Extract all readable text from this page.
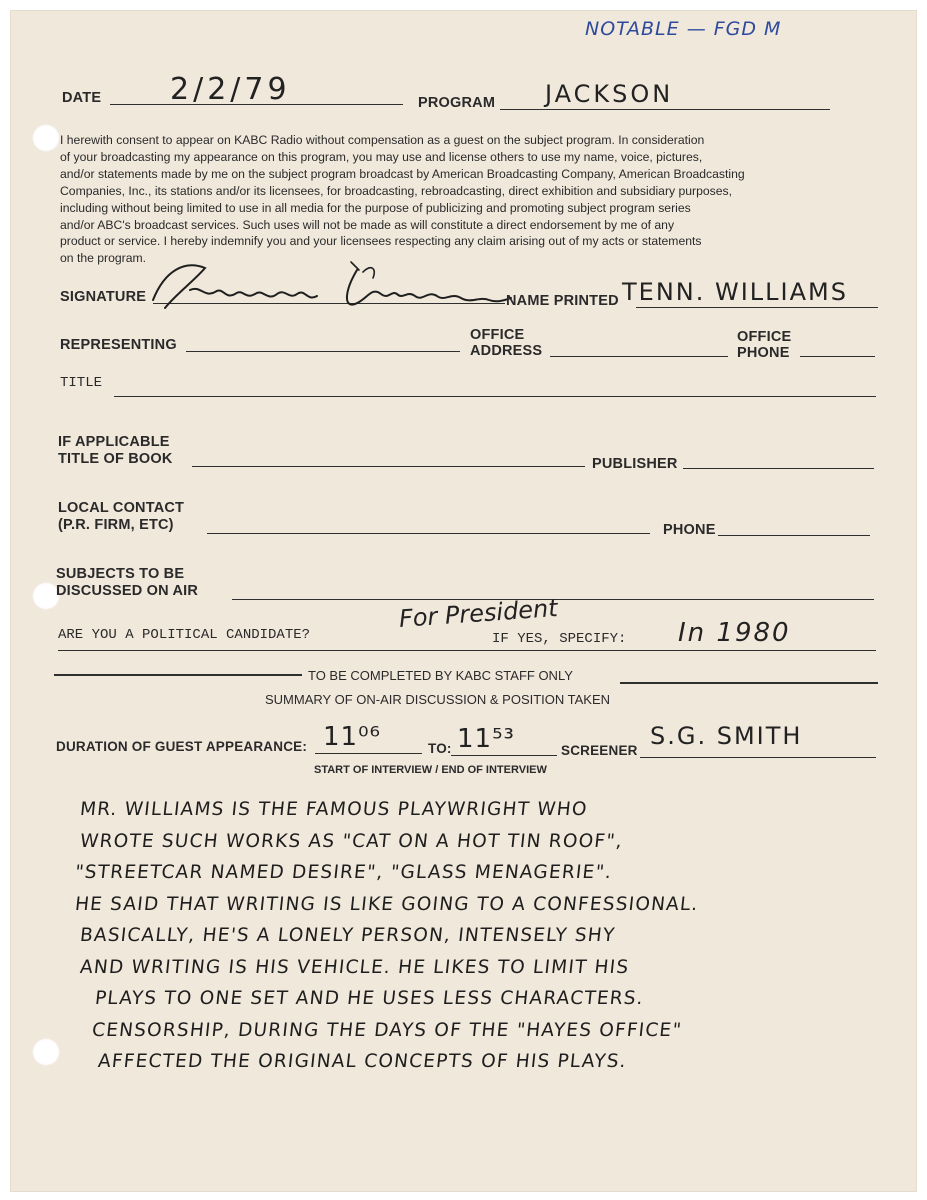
NOTABLE — FGD M
DATE 2/2/79	PROGRAM JACKSON
I herewith consent to appear on KABC Radio without compensation as a guest on the subject program. In consideration
of your broadcasting my appearance on this program, you may use and license others to use my name, voice, pictures,
and/or statements made by me on the subject program broadcast by American Broadcasting Company, American Broadcasting
Companies, Inc., its stations and/or its licensees, for broadcasting, rebroadcasting, direct exhibition and subsidiary purposes,
including without being limited to use in all media for the purpose of publicizing and promoting subject program series
and/or ABC's broadcast services. Such uses will not be made as will constitute a direct endorsement by me of any
product or service. I hereby indemnify you and your licensees respecting any claim arising out of my acts or statements
on the program.
SIGNATURE	NAME PRINTED TENN. WILLIAMS
REPRESENTING
OFFICE
ADDRESS
OFFICE
PHONE
TITLE
IF APPLICABLE
TITLE OF BOOK	PUBLISHER
LOCAL CONTACT
(P.R. FIRM, ETC)	PHONE
SUBJECTS TO BE
DISCUSSED ON AIR
ARE YOU A POLITICAL CANDIDATE?
For President
IF YES, SPECIFY: In 1980
TO BE COMPLETED BY KABC STAFF ONLY
SUMMARY OF ON-AIR DISCUSSION & POSITION TAKEN
DURATION OF GUEST APPEARANCE: 11⁰⁶	TO: 11⁵³	SCREENER
S.G. SMITH
START OF INTERVIEW / END OF INTERVIEW
MR. WILLIAMS IS THE FAMOUS PLAYWRIGHT WHO
WROTE SUCH WORKS AS "CAT ON A HOT TIN ROOF",
"STREETCAR NAMED DESIRE", "GLASS MENAGERIE".
HE SAID THAT WRITING IS LIKE GOING TO A CONFESSIONAL.
BASICALLY, HE'S A LONELY PERSON, INTENSELY SHY
AND WRITING IS HIS VEHICLE. HE LIKES TO LIMIT HIS
PLAYS TO ONE SET AND HE USES LESS CHARACTERS.
CENSORSHIP, DURING THE DAYS OF THE "HAYES OFFICE"
AFFECTED THE ORIGINAL CONCEPTS OF HIS PLAYS.
